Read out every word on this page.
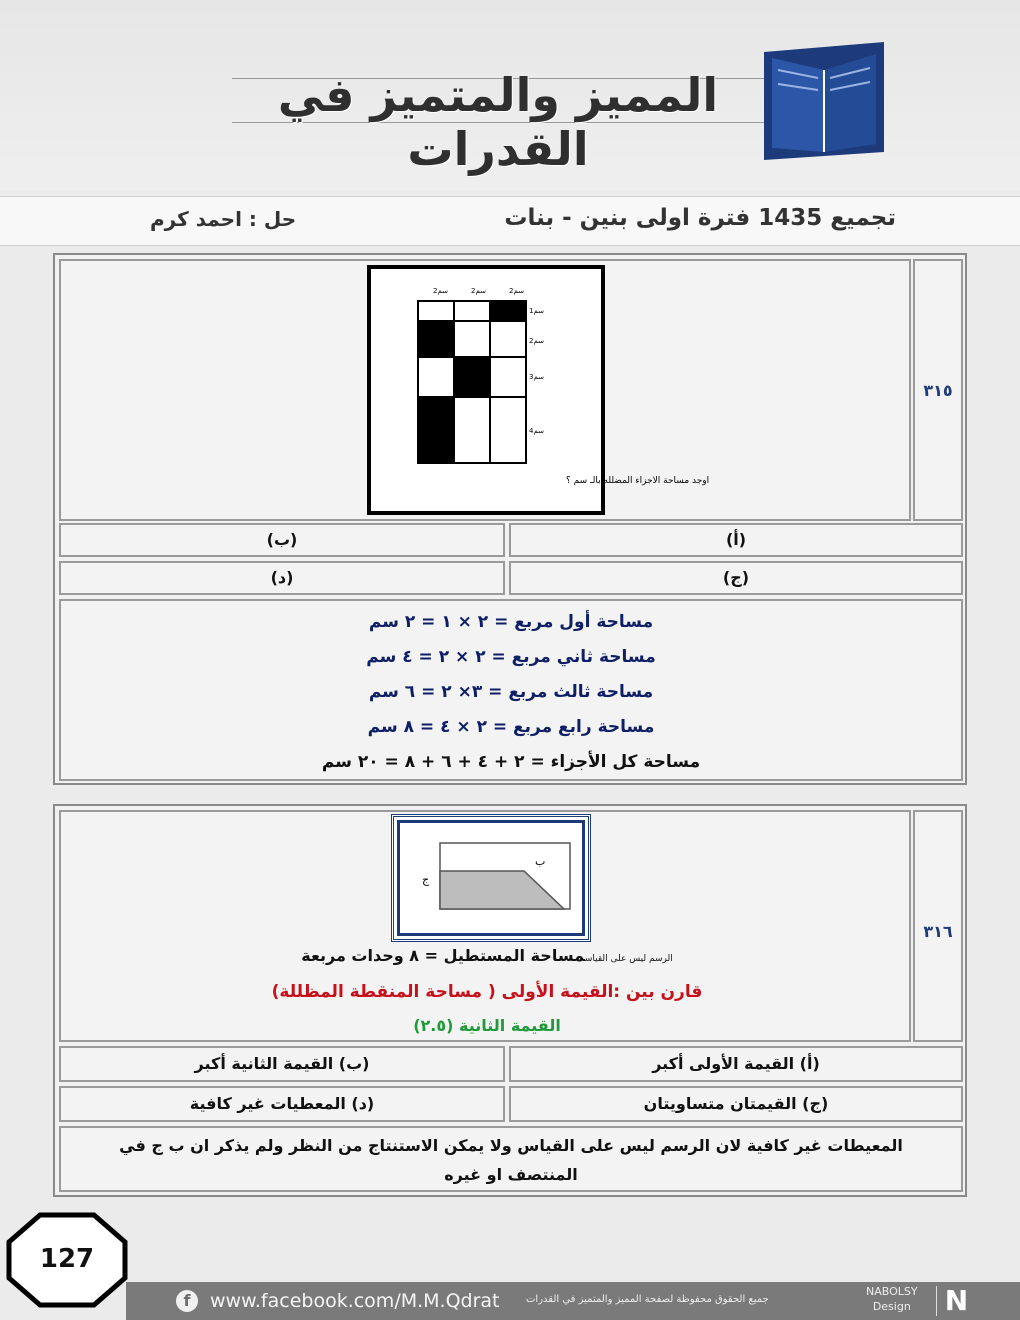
المميز والمتميز في القدرات
تجميع 1435 فترة اولى بنين - بنات
حل : احمد كرم
2سم	2سم	2سم
1سم
2سم
3سم
4سم
اوجد مساحة الاجزاء المضلله بالـ سم ؟
٣١٥
(ب)	(أ)
(د)	(ج)
مساحة أول مربع = ٢ × ١ = ٢ سم
مساحة ثاني مربع = ٢ × ٢ = ٤ سم
مساحة ثالث مربع = ٣× ٢ = ٦ سم
مساحة رابع مربع = ٢ × ٤ = ٨ سم
مساحة كل الأجزاء = ٢ + ٤ + ٦ + ٨ = ٢٠ سم
ب
ج
الرسم ليس على القياسمساحة المستطيل = ٨ وحدات مربعة
قارن بين :القيمة الأولى ( مساحة المنقطة المظللة)
القيمة الثانية (٢.٥)
٣١٦
(ب) القيمة الثانية أكبر	(أ) القيمة الأولى أكبر
(د) المعطيات غير كافية	(ج) القيمتان متساويتان
المعيطات غير كافية لان الرسم ليس على القياس ولا يمكن الاستنتاج من النظر ولم يذكر ان ب ج في
المنتصف او غيره
127
f	www.facebook.com/M.M.Qdrat	جميع الحقوق محفوظة لصفحة المميز والمتميز في القدرات
NABOLSY
Design	N
